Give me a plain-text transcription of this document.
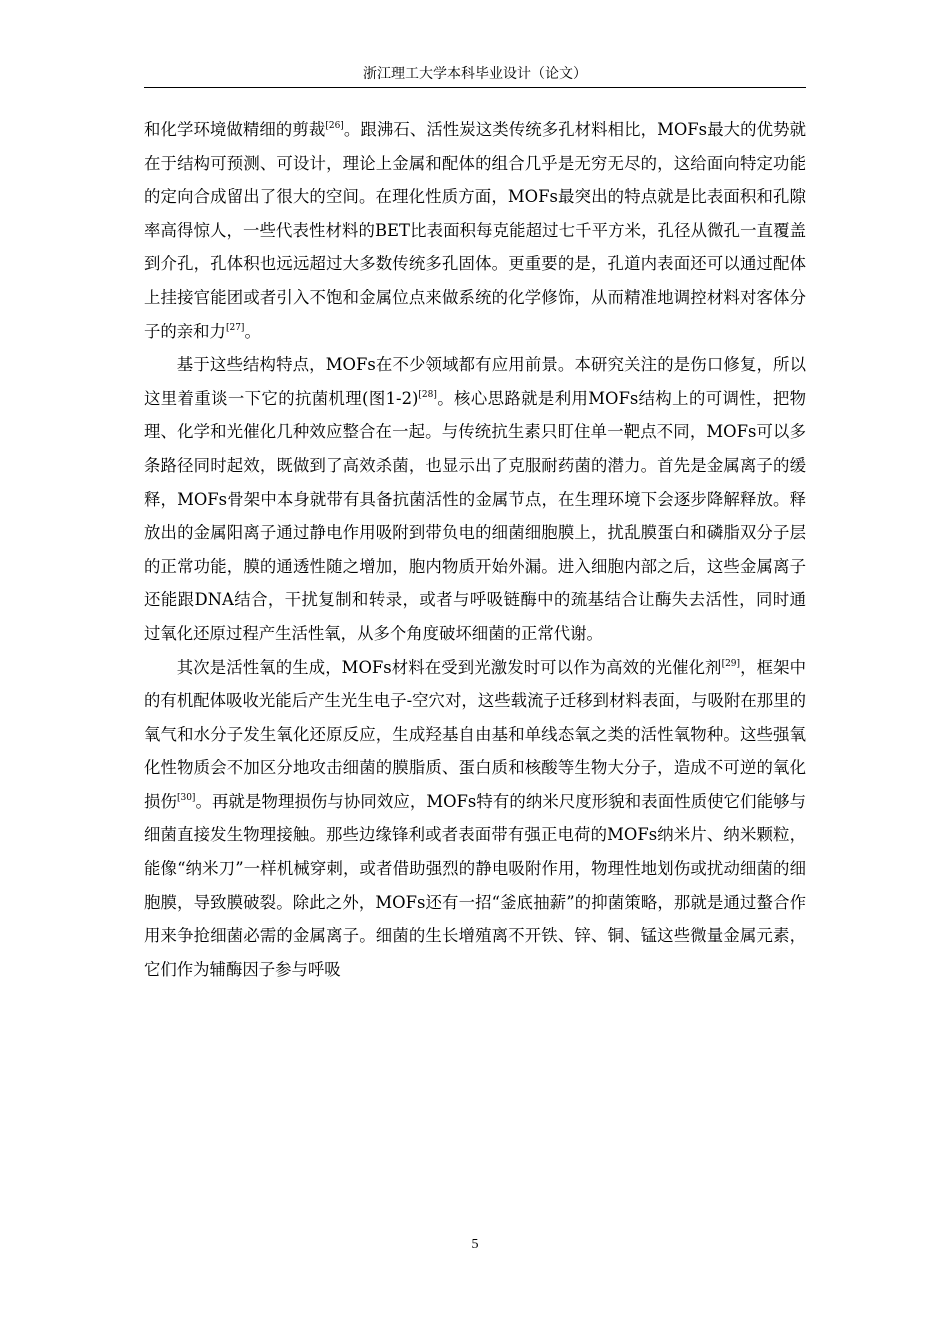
浙江理工大学本科毕业设计（论文）

和化学环境做精细的剪裁[26]。跟沸石、活性炭这类传统多孔材料相比，MOFs最大的优势就在于结构可预测、可设计，理论上金属和配体的组合几乎是无穷无尽的，这给面向特定功能的定向合成留出了很大的空间。在理化性质方面，MOFs最突出的特点就是比表面积和孔隙率高得惊人，一些代表性材料的BET比表面积每克能超过七千平方米，孔径从微孔一直覆盖到介孔，孔体积也远远超过大多数传统多孔固体。更重要的是，孔道内表面还可以通过配体上挂接官能团或者引入不饱和金属位点来做系统的化学修饰，从而精准地调控材料对客体分子的亲和力[27]。

基于这些结构特点，MOFs在不少领域都有应用前景。本研究关注的是伤口修复，所以这里着重谈一下它的抗菌机理(图1-2)[28]。核心思路就是利用MOFs结构上的可调性，把物理、化学和光催化几种效应整合在一起。与传统抗生素只盯住单一靶点不同，MOFs可以多条路径同时起效，既做到了高效杀菌，也显示出了克服耐药菌的潜力。首先是金属离子的缓释，MOFs骨架中本身就带有具备抗菌活性的金属节点，在生理环境下会逐步降解释放。释放出的金属阳离子通过静电作用吸附到带负电的细菌细胞膜上，扰乱膜蛋白和磷脂双分子层的正常功能，膜的通透性随之增加，胞内物质开始外漏。进入细胞内部之后，这些金属离子还能跟DNA结合，干扰复制和转录，或者与呼吸链酶中的巯基结合让酶失去活性，同时通过氧化还原过程产生活性氧，从多个角度破坏细菌的正常代谢。

其次是活性氧的生成，MOFs材料在受到光激发时可以作为高效的光催化剂[29]，框架中的有机配体吸收光能后产生光生电子-空穴对，这些载流子迁移到材料表面，与吸附在那里的氧气和水分子发生氧化还原反应，生成羟基自由基和单线态氧之类的活性氧物种。这些强氧化性物质会不加区分地攻击细菌的膜脂质、蛋白质和核酸等生物大分子，造成不可逆的氧化损伤[30]。再就是物理损伤与协同效应，MOFs特有的纳米尺度形貌和表面性质使它们能够与细菌直接发生物理接触。那些边缘锋利或者表面带有强正电荷的MOFs纳米片、纳米颗粒，能像“纳米刀”一样机械穿刺，或者借助强烈的静电吸附作用，物理性地划伤或扰动细菌的细胞膜，导致膜破裂。除此之外，MOFs还有一招“釜底抽薪”的抑菌策略，那就是通过螯合作用来争抢细菌必需的金属离子。细菌的生长增殖离不开铁、锌、铜、锰这些微量金属元素，它们作为辅酶因子参与呼吸

5
